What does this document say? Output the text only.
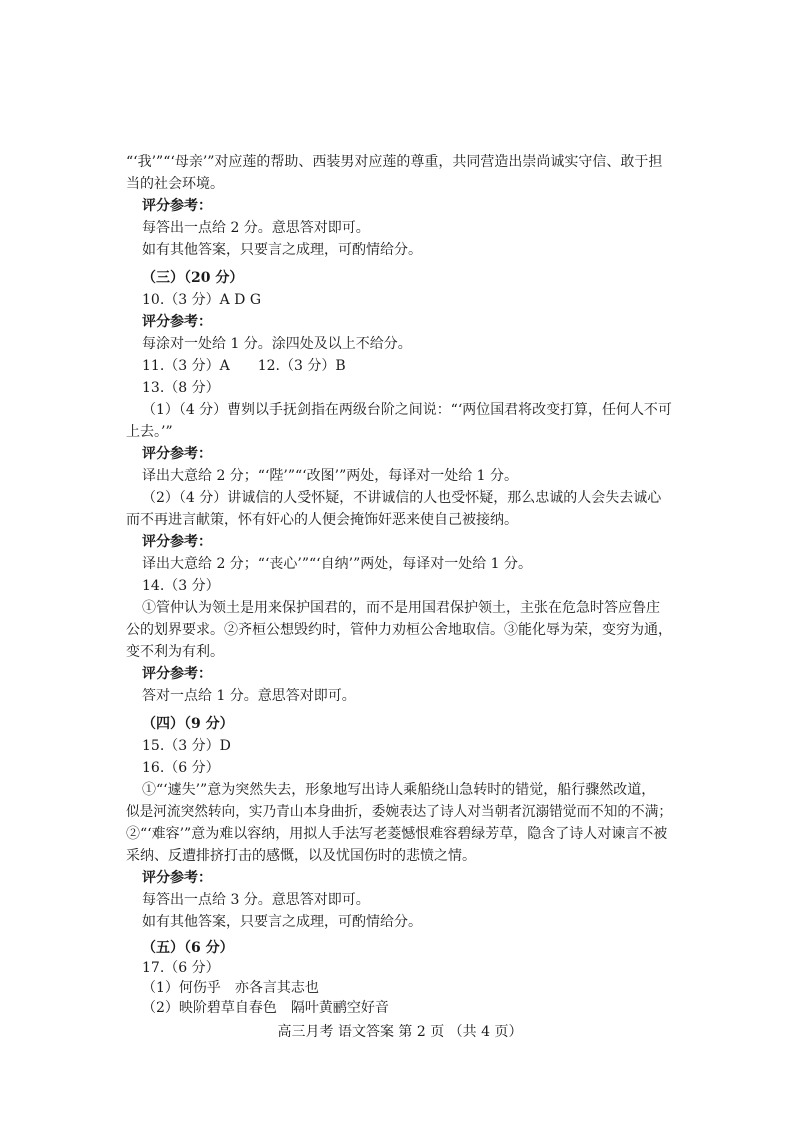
“‘我’”“‘母亲’”对应莲的帮助、西装男对应莲的尊重，共同营造出崇尚诚实守信、敢于担
当的社会环境。
评分参考：
每答出一点给 2 分。意思答对即可。
如有其他答案，只要言之成理，可酌情给分。
（三）（20 分）
10.（3 分）A D G
评分参考：
每涂对一处给 1 分。涂四处及以上不给分。
11.（3 分）A　　12.（3 分）B
13.（8 分）
（1）（4 分）曹刿以手抚剑指在两级台阶之间说：“‘两位国君将改变打算，任何人不可
上去。’”
评分参考：
译出大意给 2 分；“‘陛’”“‘改图’”两处，每译对一处给 1 分。
（2）（4 分）讲诚信的人受怀疑，不讲诚信的人也受怀疑，那么忠诚的人会失去诚心
而不再进言献策，怀有奸心的人便会掩饰奸恶来使自己被接纳。
评分参考：
译出大意给 2 分；“‘丧心’”“‘自纳’”两处，每译对一处给 1 分。
14.（3 分）
①管仲认为领土是用来保护国君的，而不是用国君保护领土，主张在危急时答应鲁庄
公的划界要求。②齐桓公想毁约时，管仲力劝桓公舍地取信。③能化辱为荣，变穷为通，
变不利为有利。
评分参考：
答对一点给 1 分。意思答对即可。
（四）（9 分）
15.（3 分）D
16.（6 分）
①“‘遽失’”意为突然失去，形象地写出诗人乘船绕山急转时的错觉，船行骤然改道，
似是河流突然转向，实乃青山本身曲折，委婉表达了诗人对当朝者沉溺错觉而不知的不满；
②“‘难容’”意为难以容纳，用拟人手法写老菱憾恨难容碧绿芳草，隐含了诗人对谏言不被
采纳、反遭排挤打击的感慨，以及忧国伤时的悲愤之情。
评分参考：
每答出一点给 3 分。意思答对即可。
如有其他答案，只要言之成理，可酌情给分。
（五）（6 分）
17.（6 分）
（1）何伤乎　亦各言其志也
（2）映阶碧草自春色　隔叶黄鹂空好音
高三月考 语文答案 第 2 页 （共 4 页）
